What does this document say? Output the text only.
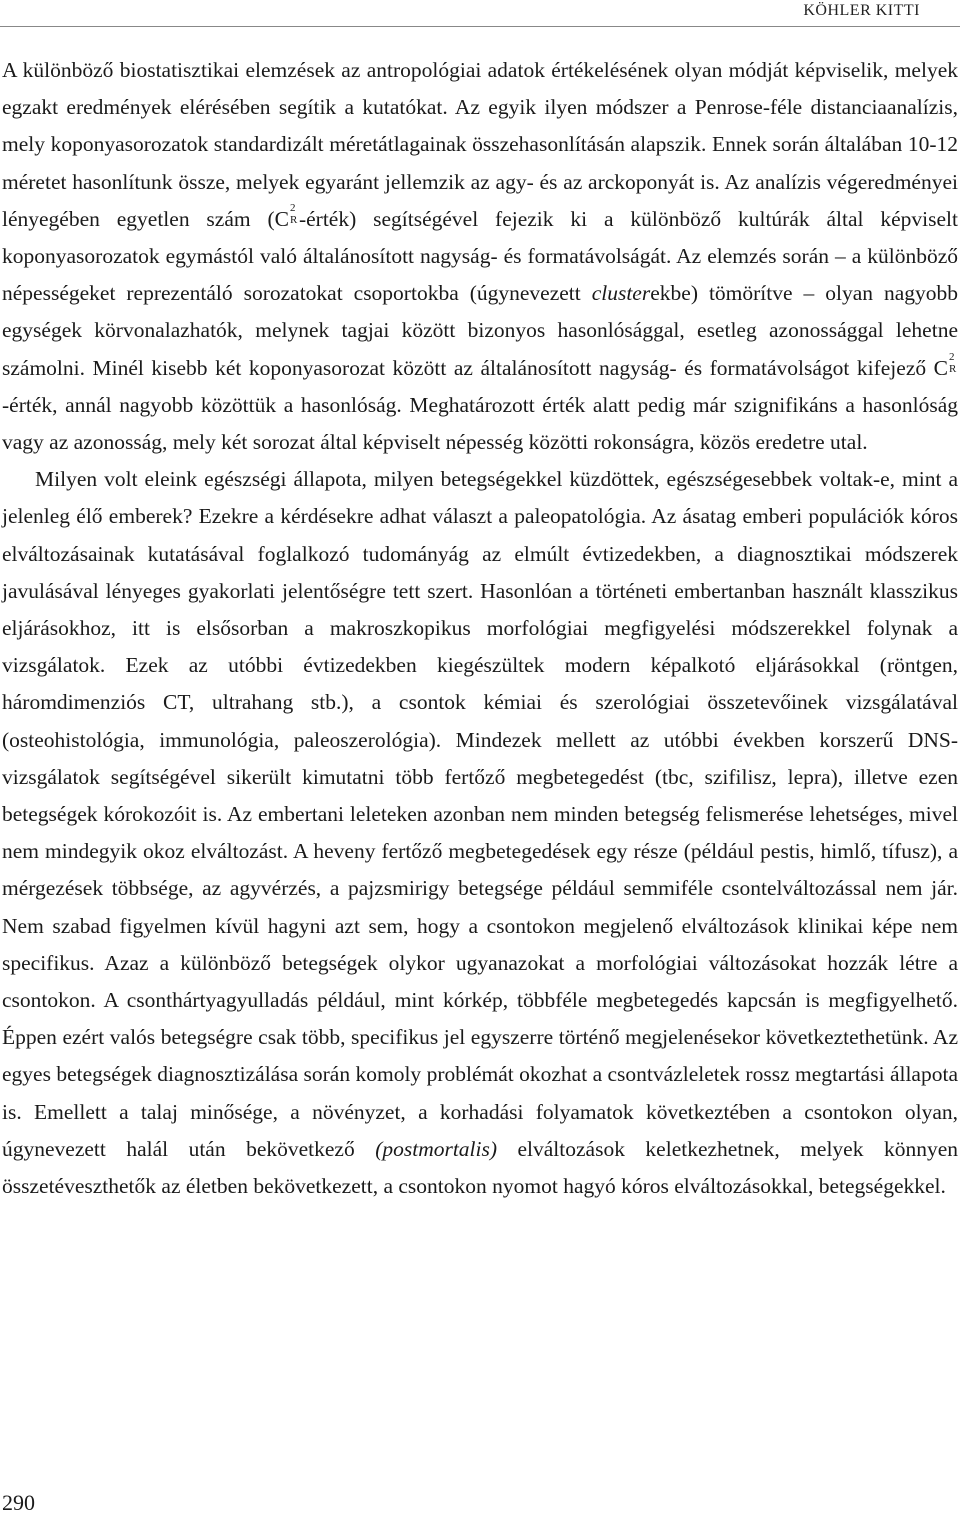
KÖHLER KITTI

A különböző biostatisztikai elemzések az antropológiai adatok értékelésének olyan módját képviselik, melyek egzakt eredmények elérésében segítik a kutatókat. Az egyik ilyen módszer a Penrose-féle distanciaanalízis, mely koponyasorozatok standardizált méretátlagainak összehasonlításán alapszik. Ennek során általában 10-12 méretet hasonlítunk össze, melyek egyaránt jellemzik az agy- és az arckoponyát is. Az analízis végeredményei lényegében egyetlen szám (C 2
R -érték) segítségével fejezik ki a különböző kultúrák által képviselt koponyasorozatok egymástól való általánosított nagyság- és formatávolságát. Az elemzés során – a különböző népességeket reprezentáló sorozatokat csoportokba (úgynevezett clusterekbe) tömörítve – olyan nagyobb egységek körvonalazhatók, melynek tagjai között bizonyos hasonlósággal, esetleg azonossággal lehetne számolni. Minél kisebb két koponyasorozat között az általánosított nagyság- és formatávolságot kifejező C 2
R
-érték, annál nagyobb közöttük a hasonlóság. Meghatározott érték alatt pedig már szignifikáns a hasonlóság vagy az azonosság, mely két sorozat által képviselt népesség közötti rokonságra, közös eredetre utal.

Milyen volt eleink egészségi állapota, milyen betegségekkel küzdöttek, egészségesebbek voltak-e, mint a jelenleg élő emberek? Ezekre a kérdésekre adhat választ a paleopatológia. Az ásatag emberi populációk kóros elváltozásainak kutatásával foglalkozó tudományág az elmúlt évtizedekben, a diagnosztikai módszerek javulásával lényeges gyakorlati jelentőségre tett szert. Hasonlóan a történeti embertanban használt klasszikus eljárásokhoz, itt is elsősorban a makroszkopikus morfológiai megfigyelési módszerekkel folynak a vizsgálatok. Ezek az utóbbi évtizedekben kiegészültek modern képalkotó eljárásokkal (röntgen, háromdimenziós CT, ultrahang stb.), a csontok kémiai és szerológiai összetevőinek vizsgálatával (osteohistológia, immunológia, paleoszerológia). Mindezek mellett az utóbbi években korszerű DNS-vizsgálatok segítségével sikerült kimutatni több fertőző megbetegedést (tbc, szifilisz, lepra), illetve ezen betegségek kórokozóit is. Az embertani leleteken azonban nem minden betegség felismerése lehetséges, mivel nem mindegyik okoz elváltozást. A heveny fertőző megbetegedések egy része (például pestis, himlő, tífusz), a mérgezések többsége, az agyvérzés, a pajzsmirigy betegsége például semmiféle csontelváltozással nem jár. Nem szabad figyelmen kívül hagyni azt sem, hogy a csontokon megjelenő elváltozások klinikai képe nem specifikus. Azaz a különböző betegségek olykor ugyanazokat a morfológiai változásokat hozzák létre a csontokon. A csonthártyagyulladás például, mint kórkép, többféle megbetegedés kapcsán is megfigyelhető. Éppen ezért valós betegségre csak több, specifikus jel egyszerre történő megjelenésekor következtethetünk. Az egyes betegségek diagnosztizálása során komoly problémát okozhat a csontvázleletek rossz megtartási állapota is. Emellett a talaj minősége, a növényzet, a korhadási folyamatok következtében a csontokon olyan, úgynevezett halál után bekövetkező (postmortalis) elváltozások keletkezhetnek, melyek könnyen összetéveszthetők az életben bekövetkezett, a csontokon nyomot hagyó kóros elváltozásokkal, betegségekkel.

290
